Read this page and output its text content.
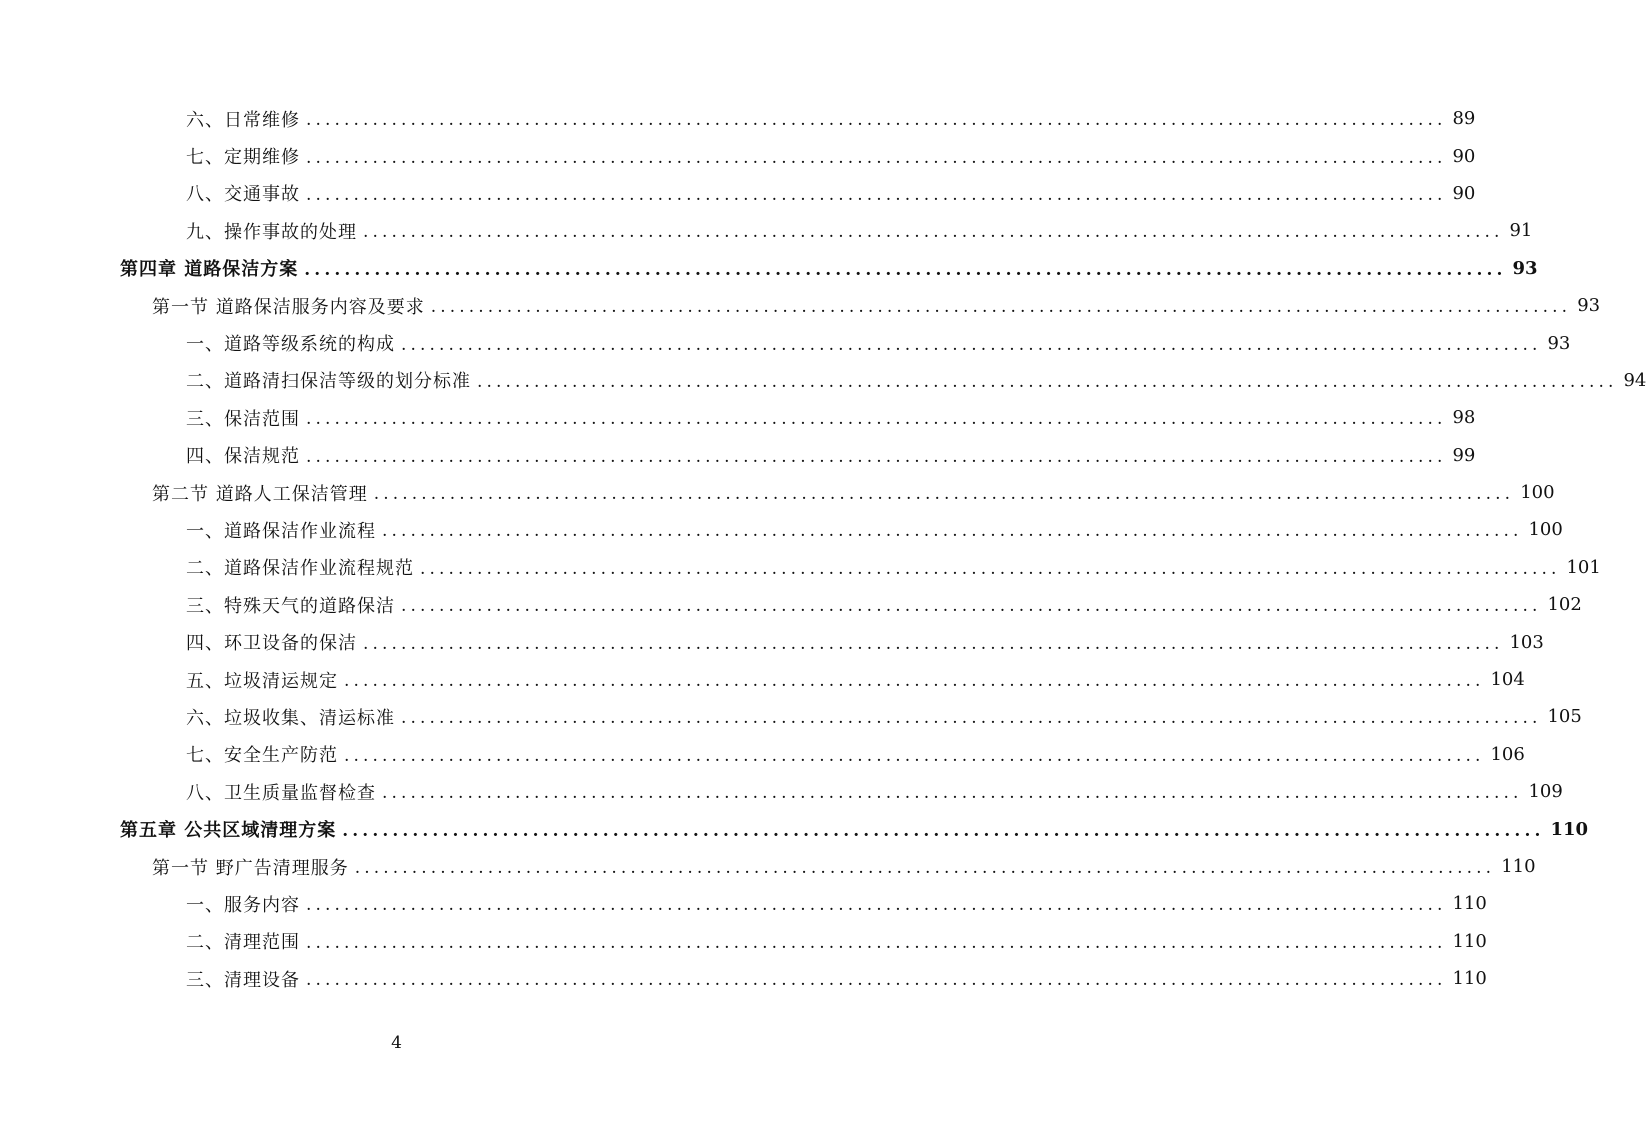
六、日常维修 ........................................................................................................................ 89
七、定期维修 ........................................................................................................................ 90
八、交通事故 ........................................................................................................................ 90
九、操作事故的处理 ........................................................................................................................ 91
第四章 道路保洁方案 ........................................................................................................................ 93
第一节 道路保洁服务内容及要求 ........................................................................................................................ 93
一、道路等级系统的构成 ........................................................................................................................ 93
二、道路清扫保洁等级的划分标准 ........................................................................................................................ 94
三、保洁范围 ........................................................................................................................ 98
四、保洁规范 ........................................................................................................................ 99
第二节 道路人工保洁管理 ........................................................................................................................ 100
一、道路保洁作业流程 ........................................................................................................................ 100
二、道路保洁作业流程规范 ........................................................................................................................ 101
三、特殊天气的道路保洁 ........................................................................................................................ 102
四、环卫设备的保洁 ........................................................................................................................ 103
五、垃圾清运规定 ........................................................................................................................ 104
六、垃圾收集、清运标准 ........................................................................................................................ 105
七、安全生产防范 ........................................................................................................................ 106
八、卫生质量监督检查 ........................................................................................................................ 109
第五章 公共区域清理方案 ........................................................................................................................ 110
第一节 野广告清理服务 ........................................................................................................................ 110
一、服务内容 ........................................................................................................................ 110
二、清理范围 ........................................................................................................................ 110
三、清理设备 ........................................................................................................................ 110
4
